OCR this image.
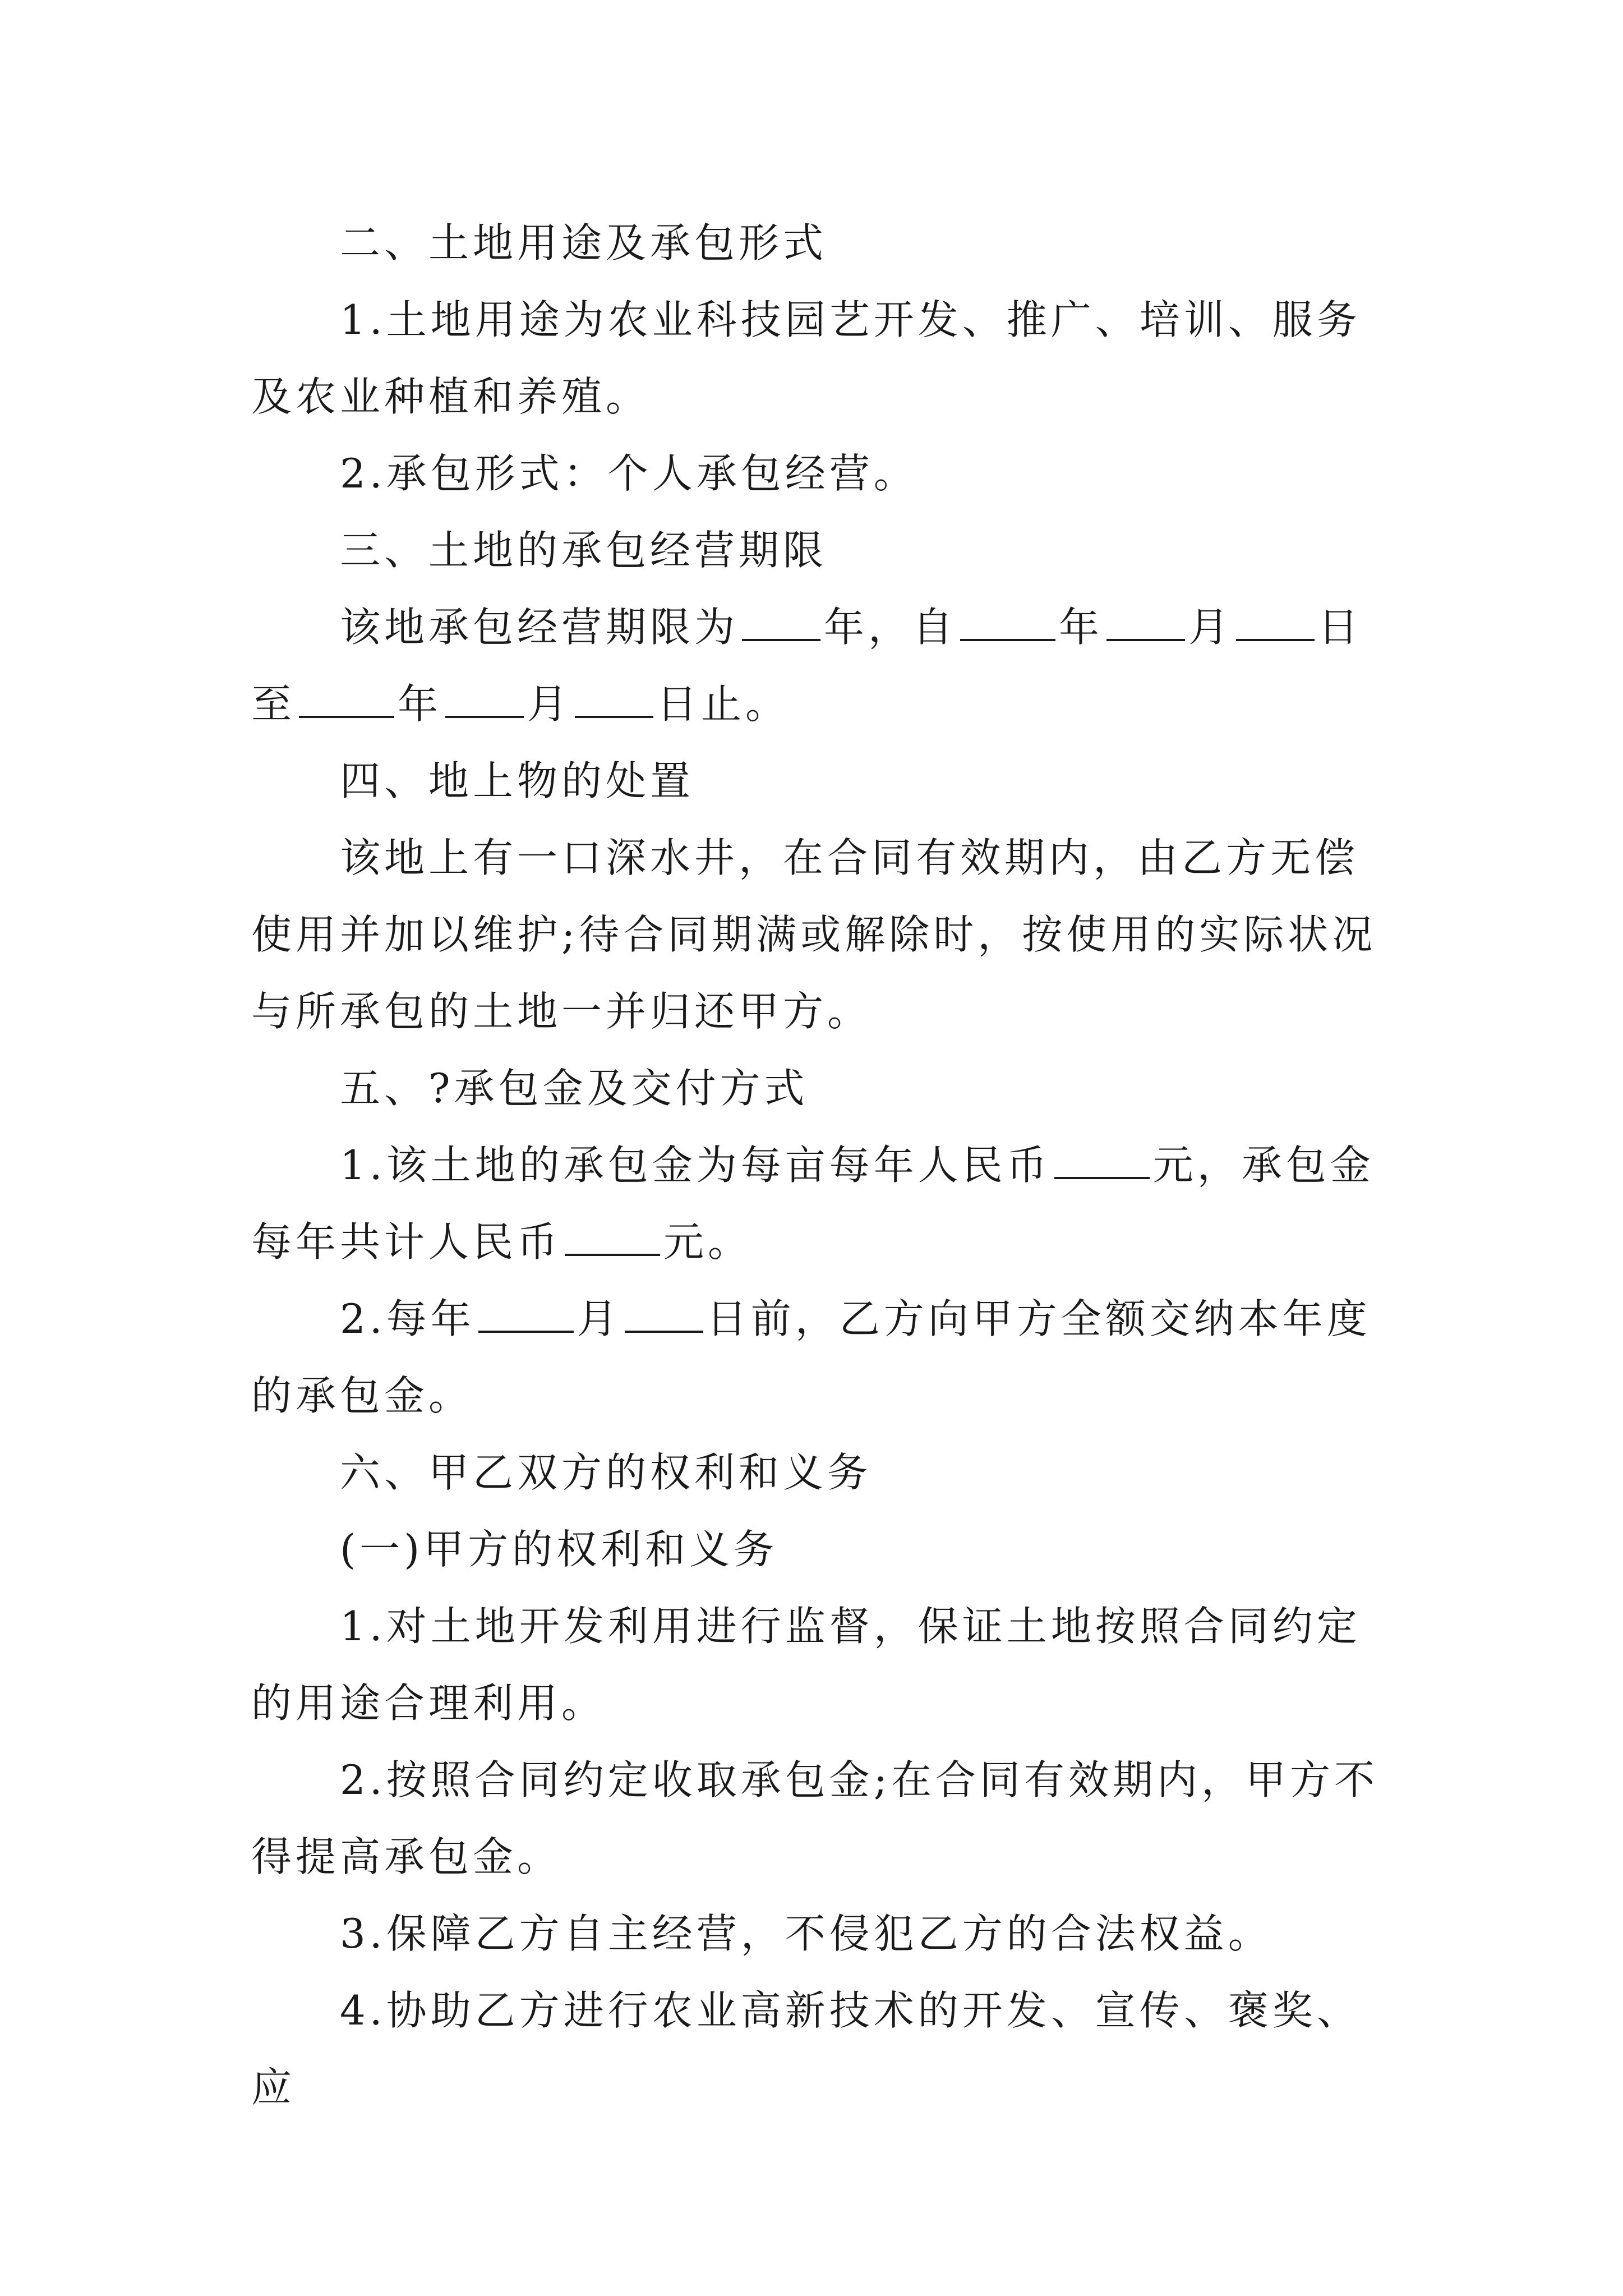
二、土地用途及承包形式

1.土地用途为农业科技园艺开发、推广、培训、服务及农业种植和养殖。

2.承包形式：个人承包经营。

三、土地的承包经营期限

该地承包经营期限为 年，自	年 月 日至	年 月 日止。

四、地上物的处置

该地上有一口深水井，在合同有效期内，由乙方无偿使用并加以维护;待合同期满或解除时，按使用的实际状况与所承包的土地一并归还甲方。

五、?承包金及交付方式

1.该土地的承包金为每亩每年人民币	元，承包金每年共计人民币	元。

2.每年	月 日前，乙方向甲方全额交纳本年度的承包金。

六、甲乙双方的权利和义务

(一)甲方的权利和义务

1.对土地开发利用进行监督，保证土地按照合同约定的用途合理利用。

2.按照合同约定收取承包金;在合同有效期内，甲方不得提高承包金。

3.保障乙方自主经营，不侵犯乙方的合法权益。

4.协助乙方进行农业高新技术的开发、宣传、褒奖、应
